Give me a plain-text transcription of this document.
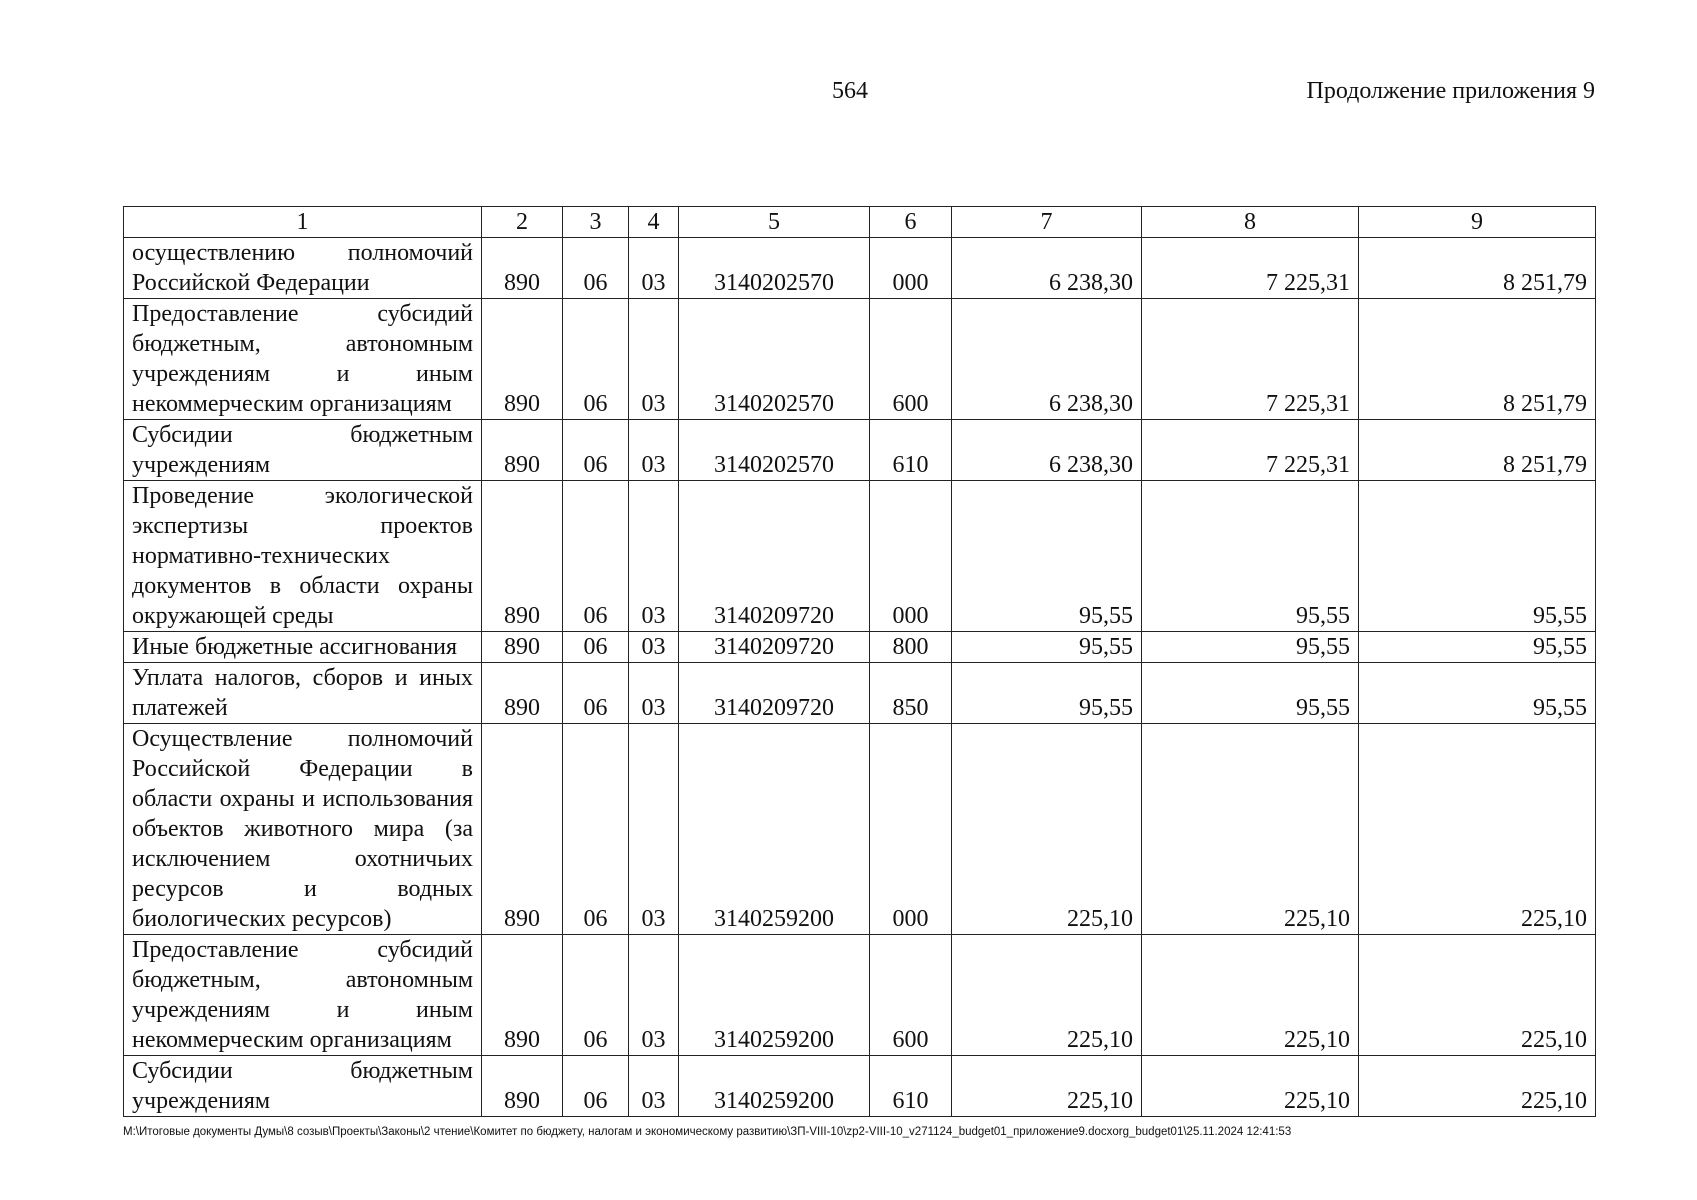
564	Продолжение приложения 9
1	2	3	4	5	6	7	8	9
осуществлению полномочий Российской Федерации	890	06	03	3140202570	000	6 238,30	7 225,31	8 251,79
Предоставление субсидий бюджетным, автономным учреждениям и иным некоммерческим организациям	890	06	03	3140202570	600	6 238,30	7 225,31	8 251,79
Субсидии бюджетным учреждениям	890	06	03	3140202570	610	6 238,30	7 225,31	8 251,79
Проведение экологической экспертизы проектов нормативно-технических документов в области охраны окружающей среды	890	06	03	3140209720	000	95,55	95,55	95,55
Иные бюджетные ассигнования	890	06	03	3140209720	800	95,55	95,55	95,55
Уплата налогов, сборов и иных платежей	890	06	03	3140209720	850	95,55	95,55	95,55
Осуществление полномочий Российской Федерации в области охраны и использования объектов животного мира (за исключением охотничьих ресурсов и водных биологических ресурсов)	890	06	03	3140259200	000	225,10	225,10	225,10
Предоставление субсидий бюджетным, автономным учреждениям и иным некоммерческим организациям	890	06	03	3140259200	600	225,10	225,10	225,10
Субсидии бюджетным учреждениям	890	06	03	3140259200	610	225,10	225,10	225,10
M:\Итоговые документы Думы\8 созыв\Проекты\Законы\2 чтение\Комитет по бюджету, налогам и экономическому развитию\ЗП-VIII-10\zp2-VIII-10_v271124_budget01_приложение9.docxorg_budget01\25.11.2024 12:41:53
